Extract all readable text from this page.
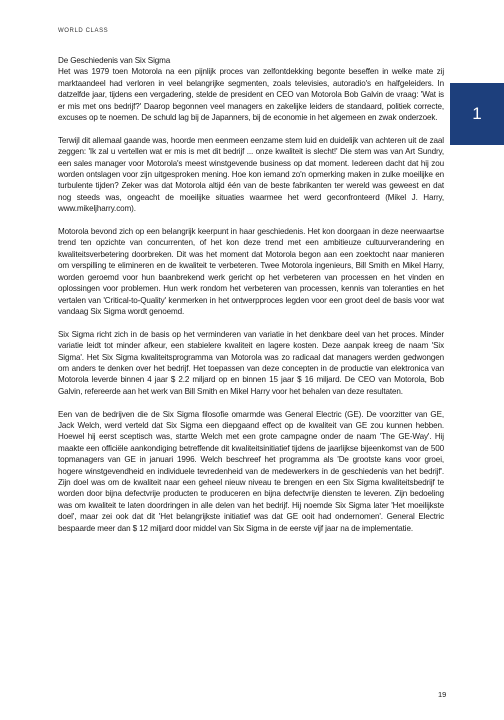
WORLD CLASS
1
De Geschiedenis van Six Sigma

Het was 1979 toen Motorola na een pijnlijk proces van zelfontdekking begonte beseffen in welke mate zij marktaandeel had verloren in veel belangrijke segmenten, zoals televisies, autoradio's en halfgeleiders. In datzelfde jaar, tijdens een vergadering, stelde de president en CEO van Motorola Bob Galvin de vraag: 'Wat is er mis met ons bedrijf?' Daarop begonnen veel managers en zakelijke leiders de standaard, politiek correcte, excuses op te noemen. De schuld lag bij de Japanners, bij de economie in het algemeen en zwak onderzoek.

Terwijl dit allemaal gaande was, hoorde men eenmeen eenzame stem luid en duidelijk van achteren uit de zaal zeggen: 'Ik zal u vertellen wat er mis is met dit bedrijf ... onze kwaliteit is slecht!' Die stem was van Art Sundry, een sales manager voor Motorola's meest winstgevende business op dat moment. Iedereen dacht dat hij zou worden ontslagen voor zijn uitgesproken mening. Hoe kon iemand zo'n opmerking maken in zulke moeilijke en turbulente tijden? Zeker was dat Motorola altijd één van de beste fabrikanten ter wereld was geweest en dat nog steeds was, ongeacht de moeilijke situaties waarmee het werd geconfronteerd (Mikel J. Harry, www.mikeljharry.com).

Motorola bevond zich op een belangrijk keerpunt in haar geschiedenis. Het kon doorgaan in deze neerwaartse trend ten opzichte van concurrenten, of het kon deze trend met een ambitieuze cultuurverandering en kwaliteitsverbetering doorbreken. Dit was het moment dat Motorola begon aan een zoektocht naar manieren om verspilling te elimineren en de kwaliteit te verbeteren. Twee Motorola ingenieurs, Bill Smith en Mikel Harry, worden geroemd voor hun baanbrekend werk gericht op het verbeteren van processen en het vinden en oplossingen voor problemen. Hun werk rondom het verbeteren van processen, kennis van toleranties en het vertalen van 'Critical-to-Quality' kenmerken in het ontwerpproces legden voor een groot deel de basis voor wat vandaag Six Sigma wordt genoemd.

Six Sigma richt zich in de basis op het verminderen van variatie in het denkbare deel van het proces. Minder variatie leidt tot minder afkeur, een stabielere kwaliteit en lagere kosten. Deze aanpak kreeg de naam 'Six Sigma'. Het Six Sigma kwaliteitsprogramma van Motorola was zo radicaal dat managers werden gedwongen om anders te denken over het bedrijf. Het toepassen van deze concepten in de productie van elektronica van Motorola leverde binnen 4 jaar $ 2.2 miljard op en binnen 15 jaar $ 16 miljard. De CEO van Motorola, Bob Galvin, refereerde aan het werk van Bill Smith en Mikel Harry voor het behalen van deze resultaten.

Een van de bedrijven die de Six Sigma filosofie omarmde was General Electric (GE). De voorzitter van GE, Jack Welch, werd verteld dat Six Sigma een diepgaand effect op de kwaliteit van GE zou kunnen hebben. Hoewel hij eerst sceptisch was, startte Welch met een grote campagne onder de naam 'The GE-Way'. Hij maakte een officiële aankondiging betreffende dit kwaliteitsinitiatief tijdens de jaarlijkse bijeenkomst van de 500 topmanagers van GE in januari 1996. Welch beschreef het programma als 'De grootste kans voor groei, hogere winstgevendheid en individuele tevredenheid van de medewerkers in de geschiedenis van het bedrijf'. Zijn doel was om de kwaliteit naar een geheel nieuw niveau te brengen en een Six Sigma kwaliteitsbedrijf te worden door bijna defectvrije producten te produceren en bijna defectvrije diensten te leveren. Zijn bedoeling was om kwaliteit te laten doordringen in alle delen van het bedrijf. Hij noemde Six Sigma later 'Het moeilijkste doel', maar zei ook dat dit 'Het belangrijkste initiatief was dat GE ooit had ondernomen'. General Electric bespaarde meer dan $ 12 miljard door middel van Six Sigma in de eerste vijf jaar na de implementatie.

19
